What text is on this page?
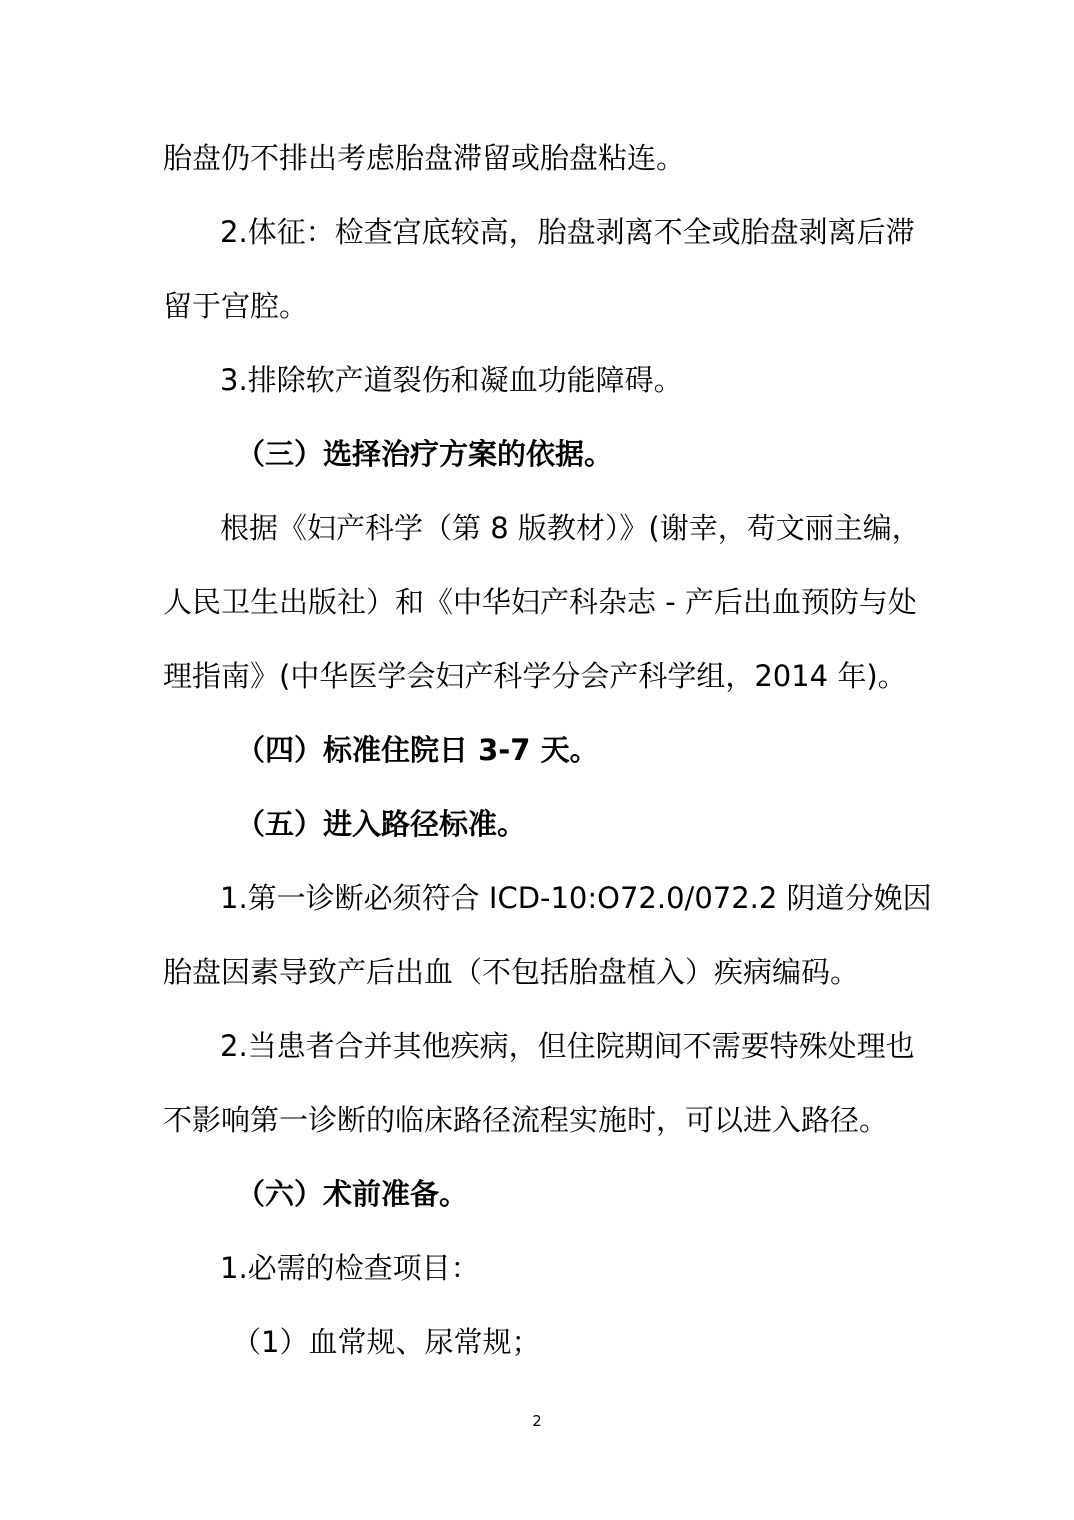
胎盘仍不排出考虑胎盘滞留或胎盘粘连。
2.体征：检查宫底较高，胎盘剥离不全或胎盘剥离后滞
留于宫腔。
3.排除软产道裂伤和凝血功能障碍。
（三）选择治疗方案的依据。
根据《妇产科学（第 8 版教材）》(谢幸，苟文丽主编，
人民卫生出版社）和《中华妇产科杂志 - 产后出血预防与处
理指南》(中华医学会妇产科学分会产科学组，2014 年)。
（四）标准住院日 3-7 天。
（五）进入路径标准。
1.第一诊断必须符合 ICD-10:O72.0/072.2 阴道分娩因
胎盘因素导致产后出血（不包括胎盘植入）疾病编码。
2.当患者合并其他疾病，但住院期间不需要特殊处理也
不影响第一诊断的临床路径流程实施时，可以进入路径。
（六）术前准备。
1.必需的检查项目：
（1）血常规、尿常规；
2
